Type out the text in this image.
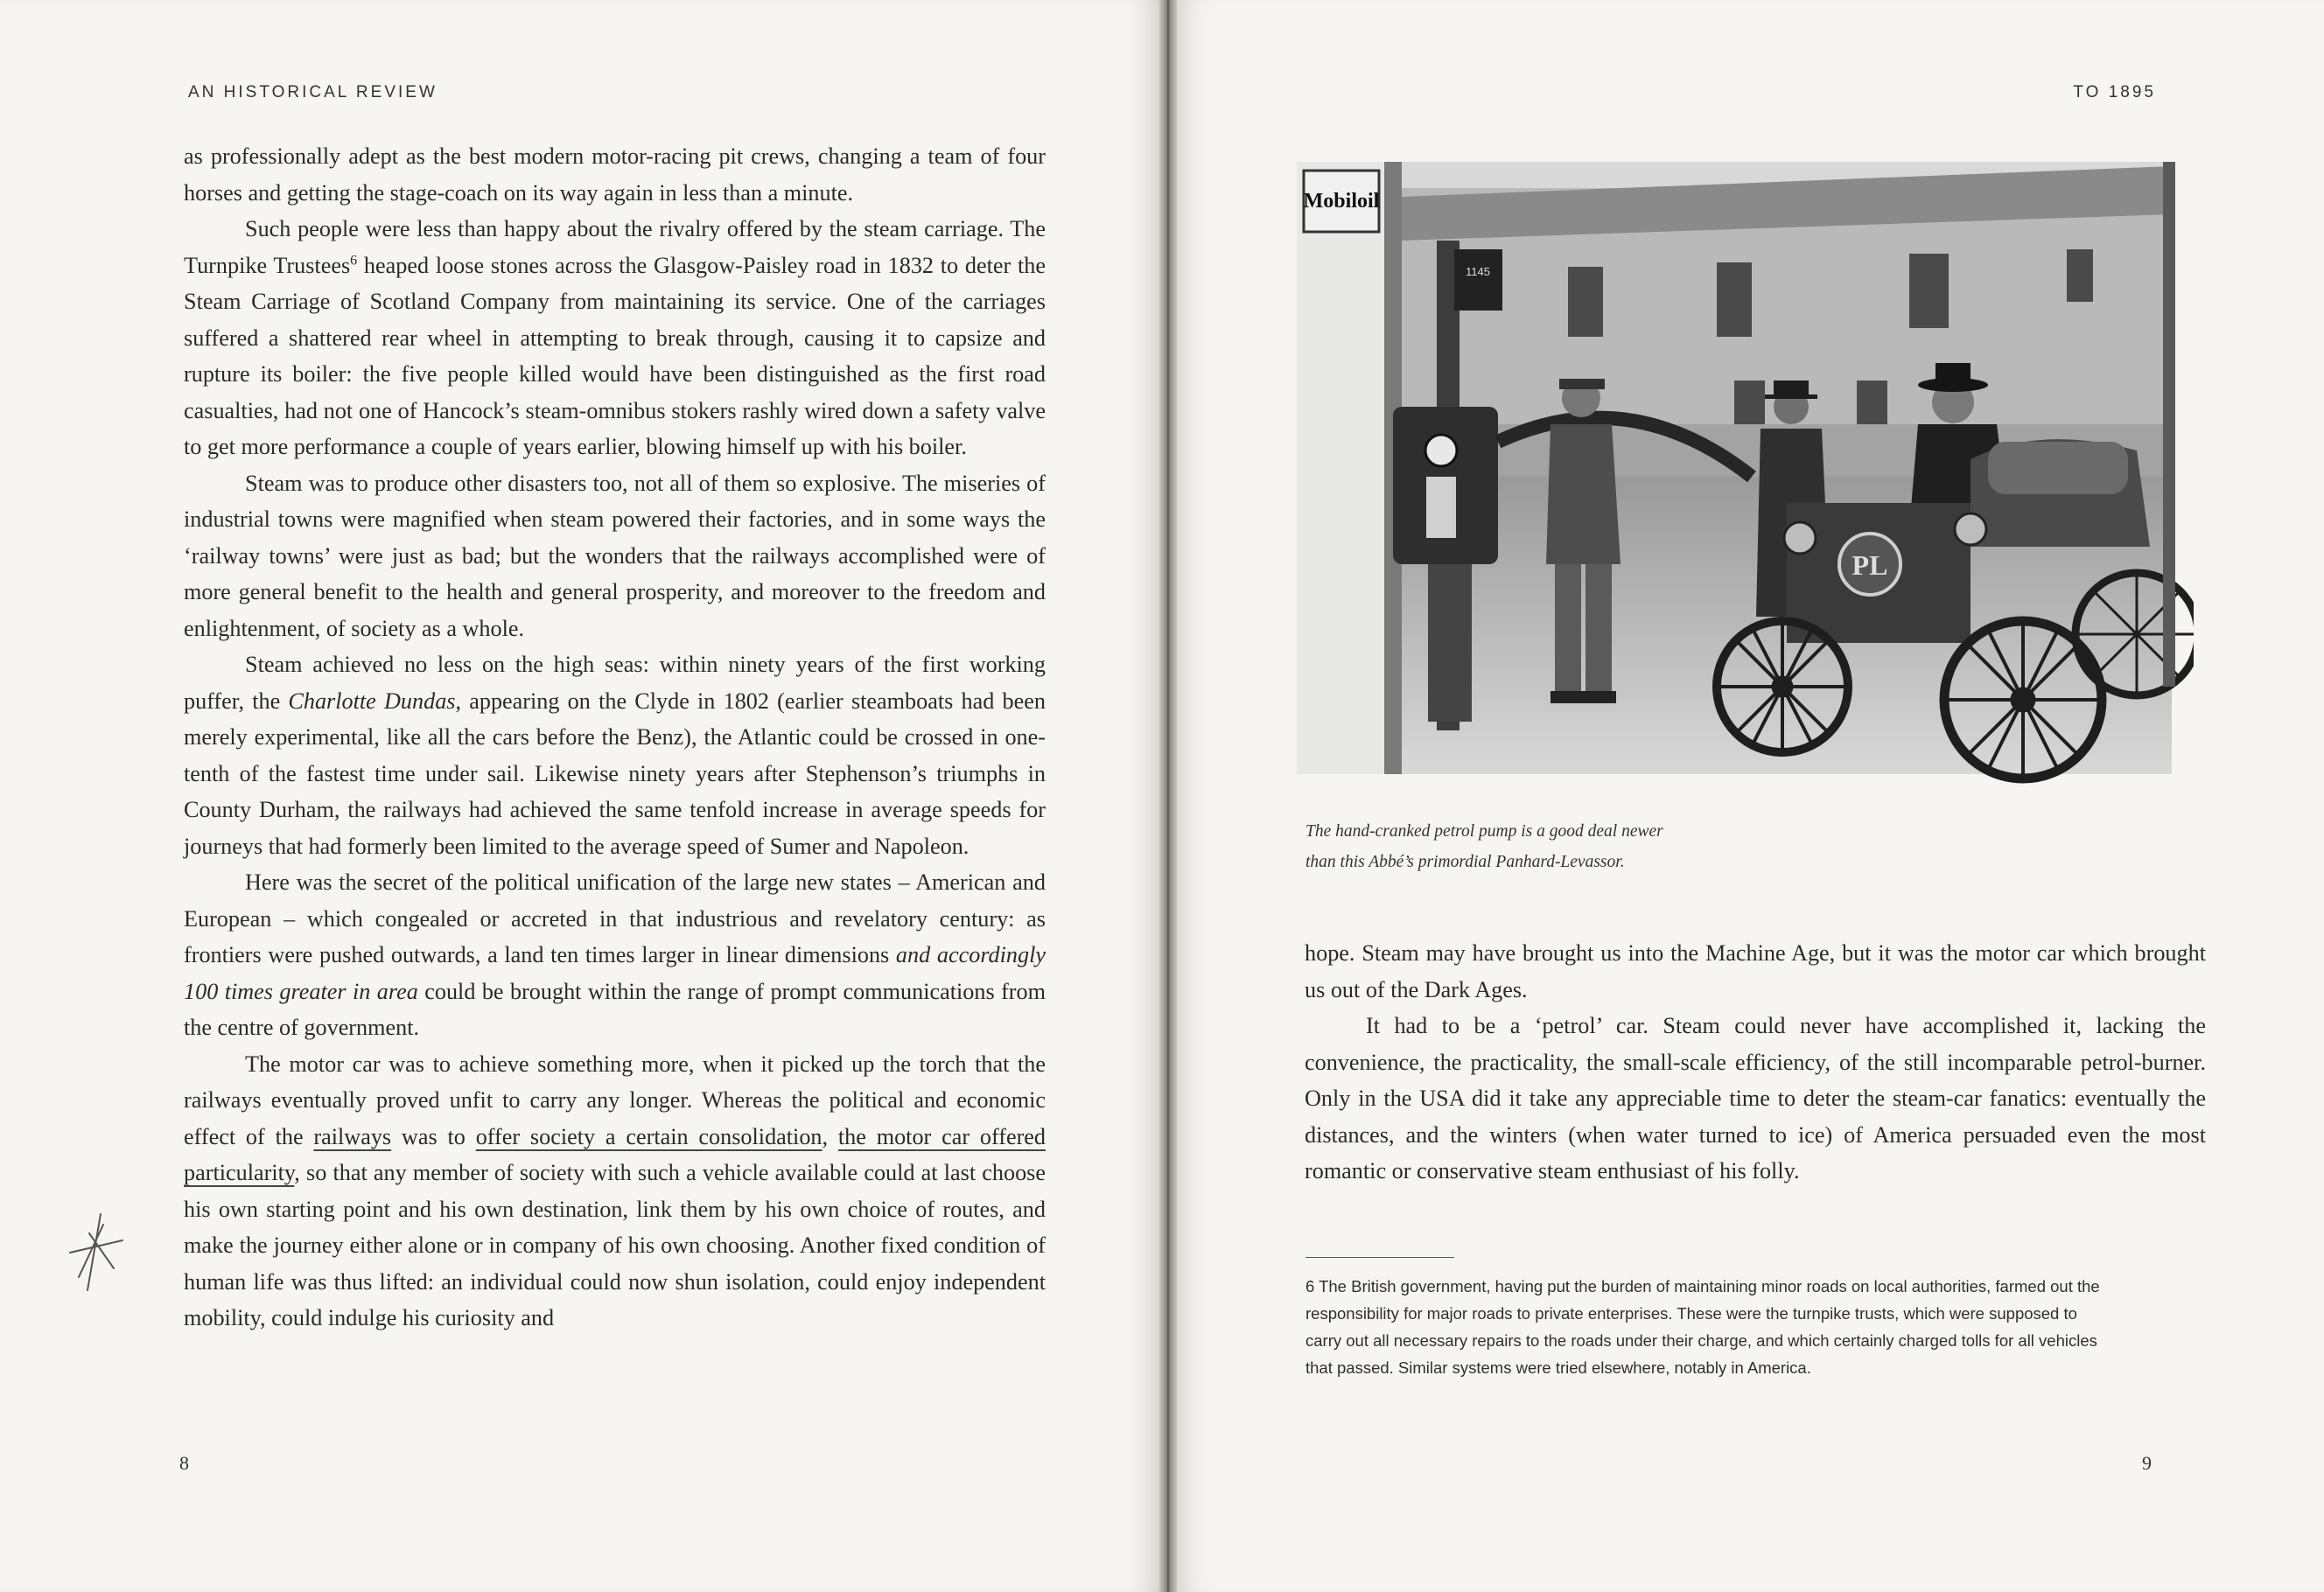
AN HISTORICAL REVIEW

as professionally adept as the best modern motor-racing pit crews, changing a team of four horses and getting the stage-coach on its way again in less than a minute.

Such people were less than happy about the rivalry offered by the steam carriage. The Turnpike Trustees$^6$ heaped loose stones across the Glasgow-Paisley road in 1832 to deter the Steam Carriage of Scotland Company from maintaining its service. One of the carriages suffered a shattered rear wheel in attempting to break through, causing it to capsize and rupture its boiler: the five people killed would have been distinguished as the first road casualties, had not one of Hancock’s steam-omnibus stokers rashly wired down a safety valve to get more performance a couple of years earlier, blowing himself up with his boiler.

Steam was to produce other disasters too, not all of them so explosive. The miseries of industrial towns were magnified when steam powered their factories, and in some ways the ‘railway towns’ were just as bad; but the wonders that the railways accomplished were of more general benefit to the health and general prosperity, and moreover to the freedom and enlightenment, of society as a whole.

Steam achieved no less on the high seas: within ninety years of the first working puffer, the Charlotte Dundas, appearing on the Clyde in 1802 (earlier steamboats had been merely experimental, like all the cars before the Benz), the Atlantic could be crossed in one-tenth of the fastest time under sail. Likewise ninety years after Stephenson’s triumphs in County Durham, the railways had achieved the same tenfold increase in average speeds for journeys that had formerly been limited to the average speed of Sumer and Napoleon.

Here was the secret of the political unification of the large new states – American and European – which congealed or accreted in that industrious and revelatory century: as frontiers were pushed outwards, a land ten times larger in linear dimensions and accordingly 100 times greater in area could be brought within the range of prompt communications from the centre of government.

The motor car was to achieve something more, when it picked up the torch that the railways eventually proved unfit to carry any longer. Whereas the political and economic effect of the railways was to offer society a certain consolidation, the motor car offered particularity, so that any member of society with such a vehicle available could at last choose his own starting point and his own destination, link them by his own choice of routes, and make the journey either alone or in company of his own choosing. Another fixed condition of human life was thus lifted: an individual could now shun isolation, could enjoy independent mobility, could indulge his curiosity and

8
TO 1895
Mobiloil
1145
PL

The hand-cranked petrol pump is a good deal newer

than this Abbé’s primordial Panhard-Levassor.

hope. Steam may have brought us into the Machine Age, but it was the motor car which brought us out of the Dark Ages.

It had to be a ‘petrol’ car. Steam could never have accomplished it, lacking the convenience, the practicality, the small-scale efficiency, of the still incomparable petrol-burner. Only in the USA did it take any appreciable time to deter the steam-car fanatics: eventually the distances, and the winters (when water turned to ice) of America persuaded even the most romantic or conservative steam enthusiast of his folly.

6 The British government, having put the burden of maintaining minor roads on local authorities, farmed out the responsibility for major roads to private enterprises. These were the turnpike trusts, which were supposed to carry out all necessary repairs to the roads under their charge, and which certainly charged tolls for all vehicles that passed. Similar systems were tried elsewhere, notably in America.

9
